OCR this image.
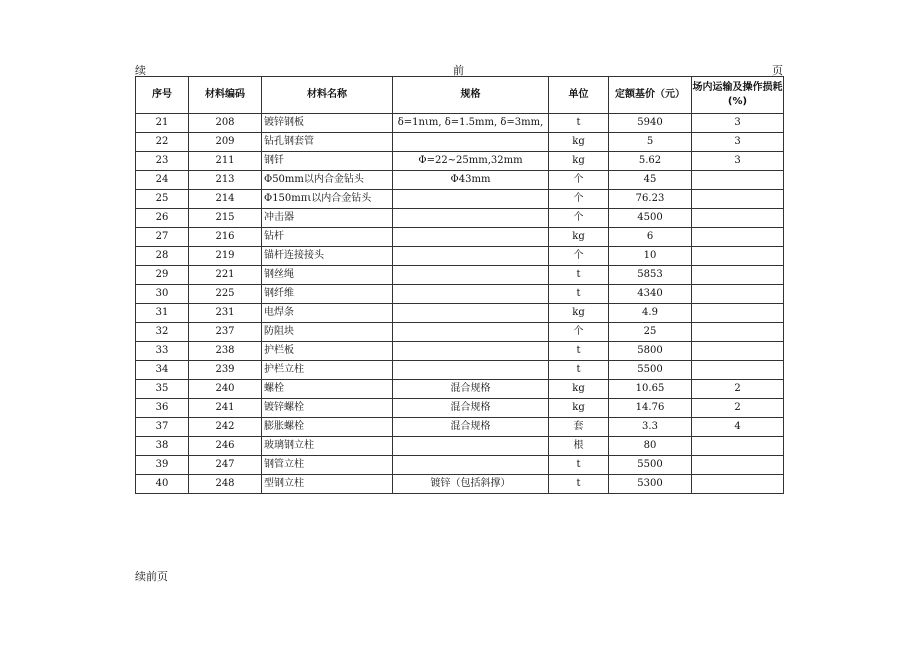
续	前	页
序号	材料编码	材料名称	规格	单位	定额基价（元）	场内运输及操作损耗(%)
21	208	镀锌钢板	δ=1nιm, δ=1.5mm, δ=3mm,	t	5940	3
22	209	钻孔钢套管		kg	5	3
23	211	钢钎	Φ=22~25mm,32mm	kg	5.62	3
24	213	Φ50mm以内合金钻头	Φ43mm	个	45	
25	214	Φ150mπι以内合金钻头		个	76.23	
26	215	冲击器		个	4500	
27	216	钻杆		kg	6	
28	219	锚杆连接接头		个	10	
29	221	钢丝绳		t	5853	
30	225	钢纤维		t	4340	
31	231	电焊条		kg	4.9	
32	237	防阻块		个	25	
33	238	护栏板		t	5800	
34	239	护栏立柱		t	5500	
35	240	螺栓	混合规格	kg	10.65	2
36	241	镀锌螺栓	混合规格	kg	14.76	2
37	242	膨胀螺栓	混合规格	套	3.3	4
38	246	玻璃钢立柱		根	80	
39	247	钢管立柱		t	5500	
40	248	型钢立柱	镀锌（包括斜撑）	t	5300	
续前页
